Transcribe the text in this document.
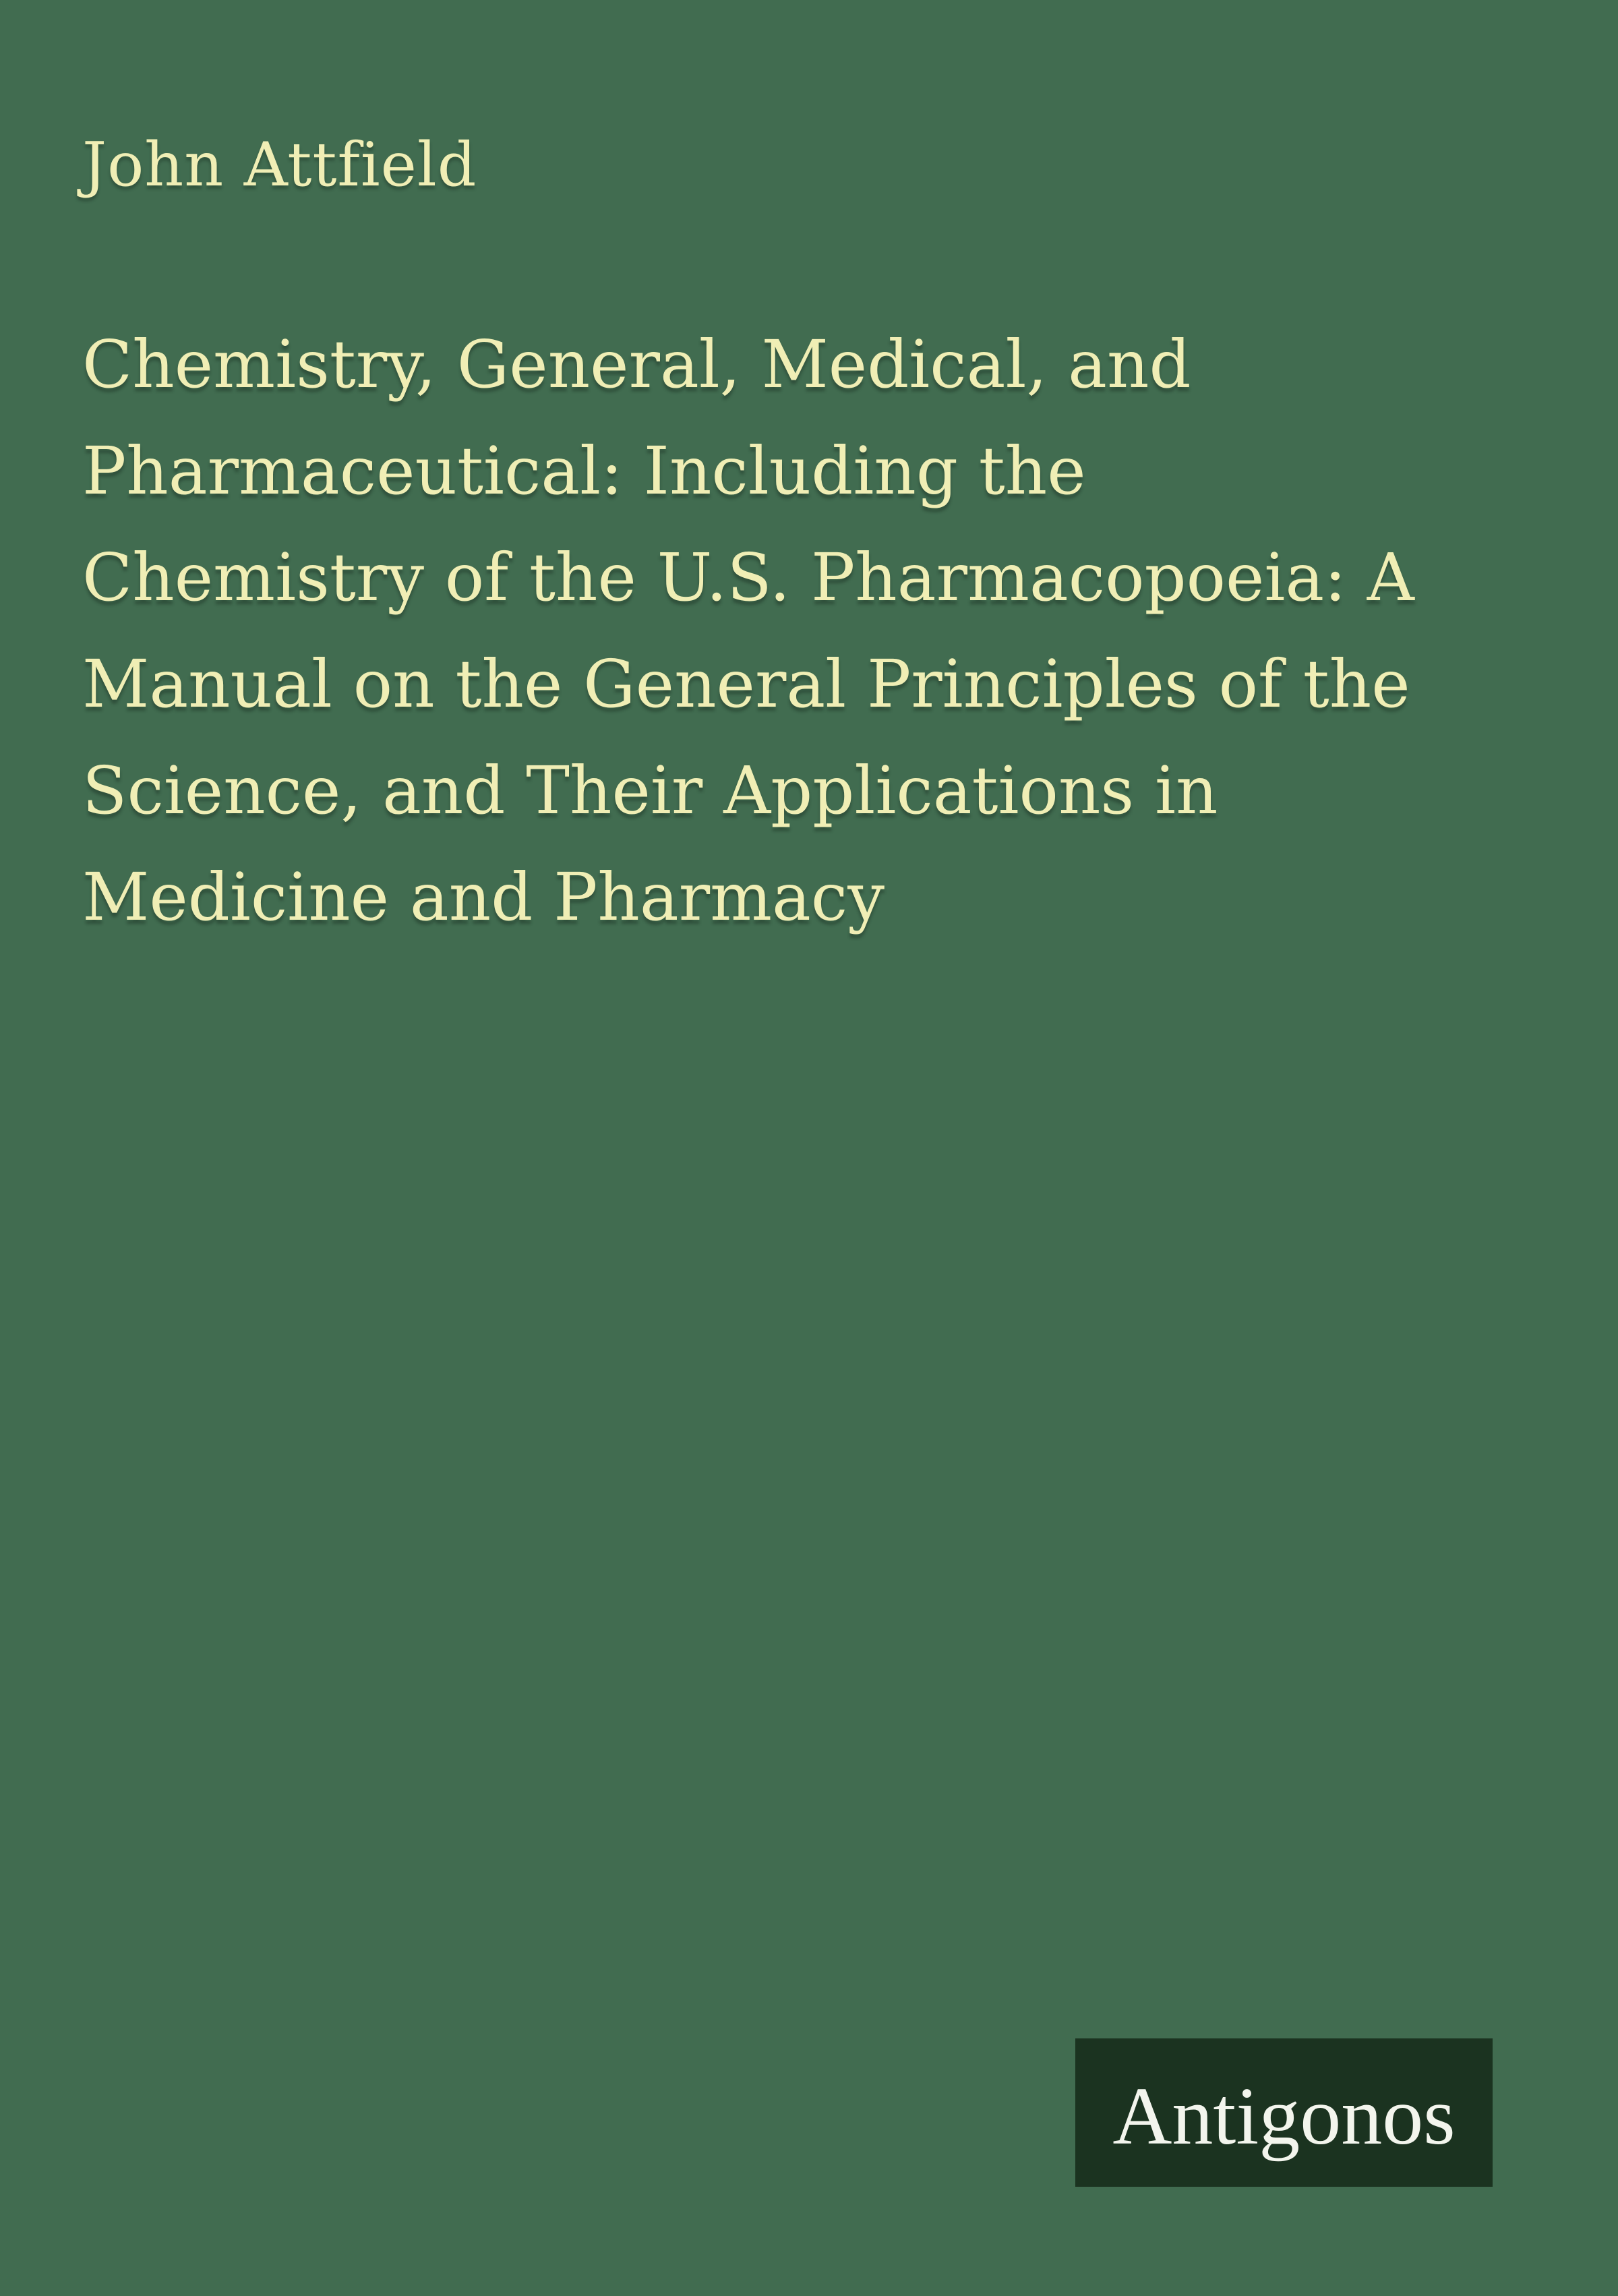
John Attfield
Chemistry, General, Medical, and
Pharmaceutical: Including the
Chemistry of the U.S. Pharmacopoeia: A
Manual on the General Principles of the
Science, and Their Applications in
Medicine and Pharmacy
Antigonos
